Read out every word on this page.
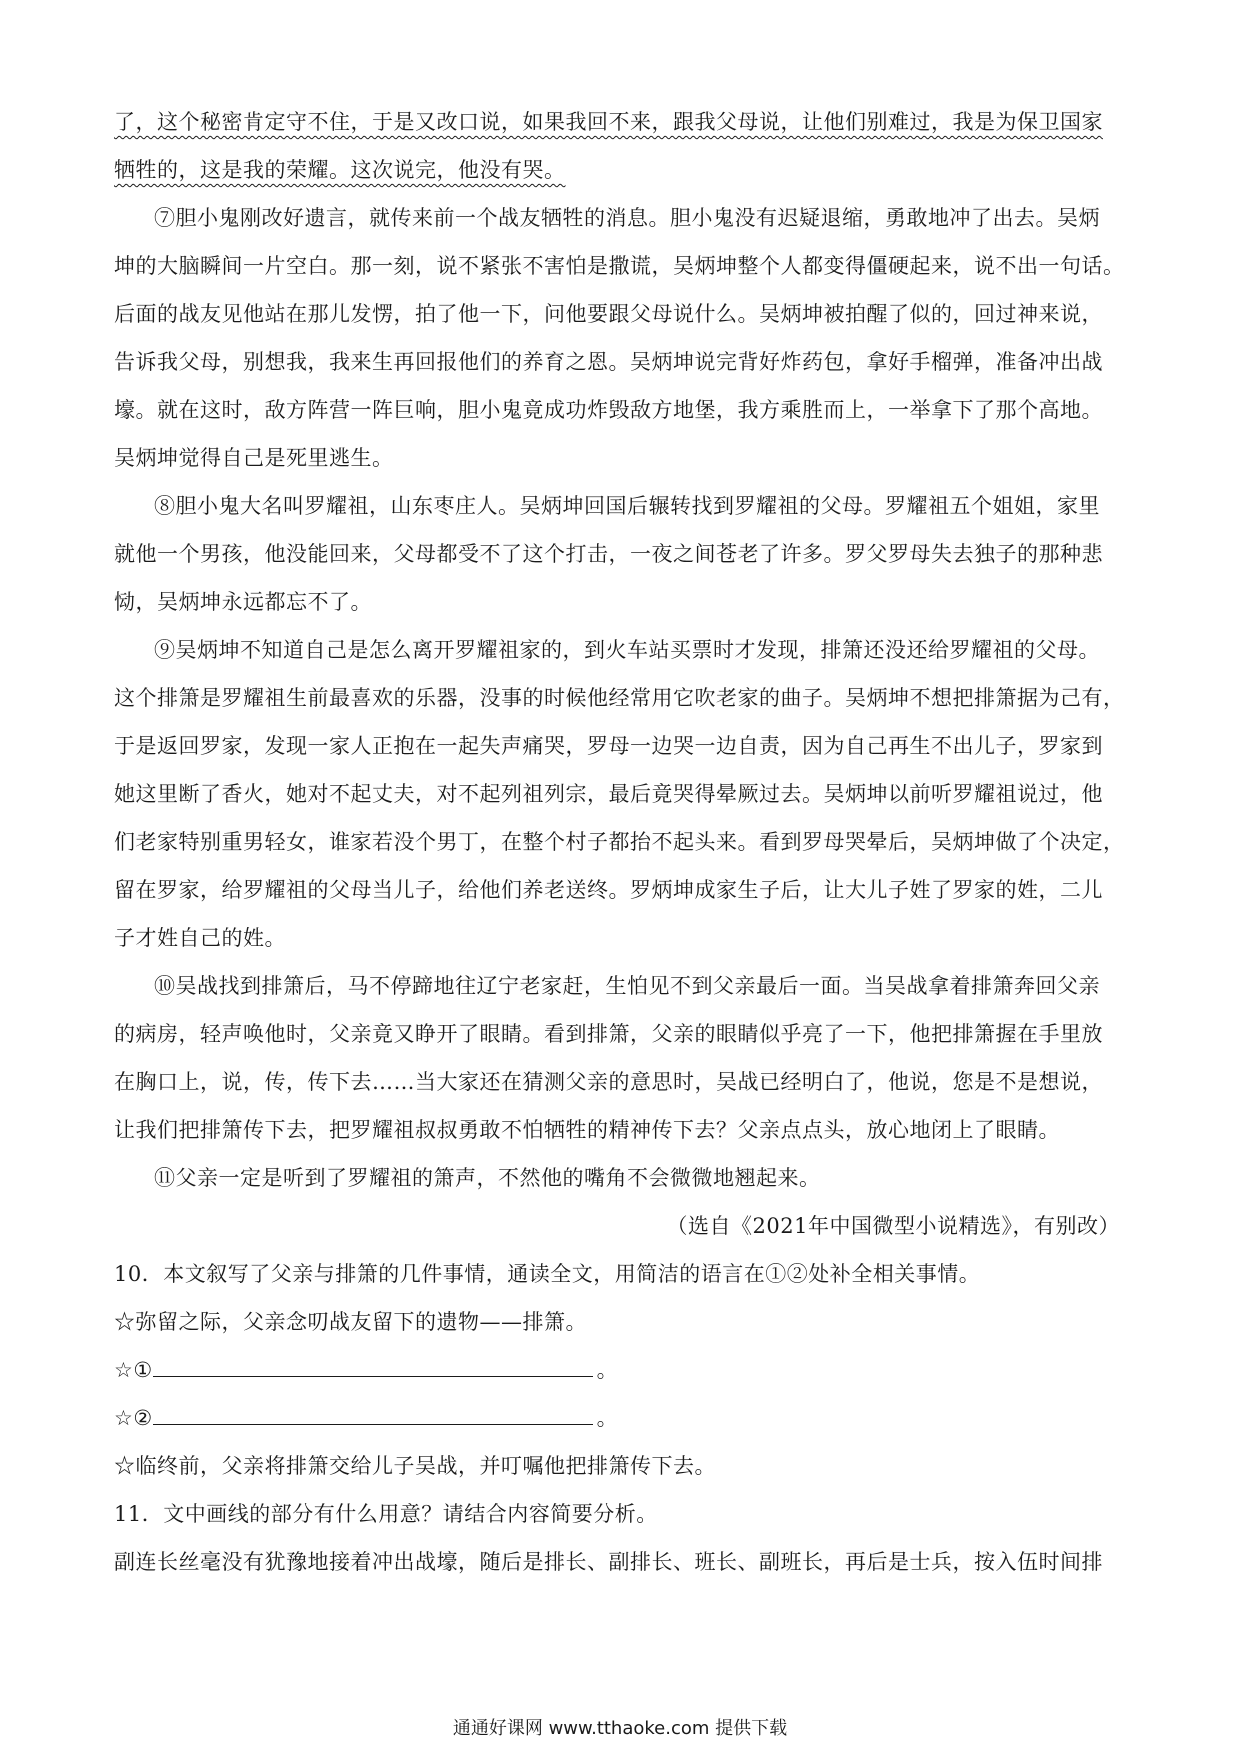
了，这个秘密肯定守不住，于是又改口说，如果我回不来，跟我父母说，让他们别难过，我是为保卫国家
牺牲的，这是我的荣耀。这次说完，他没有哭。
⑦胆小鬼刚改好遗言，就传来前一个战友牺牲的消息。胆小鬼没有迟疑退缩，勇敢地冲了出去。吴炳
坤的大脑瞬间一片空白。那一刻，说不紧张不害怕是撒谎，吴炳坤整个人都变得僵硬起来，说不出一句话。
后面的战友见他站在那儿发愣，拍了他一下，问他要跟父母说什么。吴炳坤被拍醒了似的，回过神来说，
告诉我父母，别想我，我来生再回报他们的养育之恩。吴炳坤说完背好炸药包，拿好手榴弹，准备冲出战
壕。就在这时，敌方阵营一阵巨响，胆小鬼竟成功炸毁敌方地堡，我方乘胜而上，一举拿下了那个高地。
吴炳坤觉得自己是死里逃生。
⑧胆小鬼大名叫罗耀祖，山东枣庄人。吴炳坤回国后辗转找到罗耀祖的父母。罗耀祖五个姐姐，家里
就他一个男孩，他没能回来，父母都受不了这个打击，一夜之间苍老了许多。罗父罗母失去独子的那种悲
恸，吴炳坤永远都忘不了。
⑨吴炳坤不知道自己是怎么离开罗耀祖家的，到火车站买票时才发现，排箫还没还给罗耀祖的父母。
这个排箫是罗耀祖生前最喜欢的乐器，没事的时候他经常用它吹老家的曲子。吴炳坤不想把排箫据为己有，
于是返回罗家，发现一家人正抱在一起失声痛哭，罗母一边哭一边自责，因为自己再生不出儿子，罗家到
她这里断了香火，她对不起丈夫，对不起列祖列宗，最后竟哭得晕厥过去。吴炳坤以前听罗耀祖说过，他
们老家特别重男轻女，谁家若没个男丁，在整个村子都抬不起头来。看到罗母哭晕后，吴炳坤做了个决定，
留在罗家，给罗耀祖的父母当儿子，给他们养老送终。罗炳坤成家生子后，让大儿子姓了罗家的姓，二儿
子才姓自己的姓。
⑩吴战找到排箫后，马不停蹄地往辽宁老家赶，生怕见不到父亲最后一面。当吴战拿着排箫奔回父亲
的病房，轻声唤他时，父亲竟又睁开了眼睛。看到排箫，父亲的眼睛似乎亮了一下，他把排箫握在手里放
在胸口上，说，传，传下去……当大家还在猜测父亲的意思时，吴战已经明白了，他说，您是不是想说，
让我们把排箫传下去，把罗耀祖叔叔勇敢不怕牺牲的精神传下去？父亲点点头，放心地闭上了眼睛。
⑪父亲一定是听到了罗耀祖的箫声，不然他的嘴角不会微微地翘起来。
（选自《2021年中国微型小说精选》，有别改）
10．本文叙写了父亲与排箫的几件事情，通读全文，用简洁的语言在①②处补全相关事情。
☆弥留之际，父亲念叨战友留下的遗物——排箫。
☆①	。
☆②	。
☆临终前，父亲将排箫交给儿子吴战，并叮嘱他把排箫传下去。
11．文中画线的部分有什么用意？请结合内容简要分析。
副连长丝毫没有犹豫地接着冲出战壕，随后是排长、副排长、班长、副班长，再后是士兵，按入伍时间排
通通好课网 www.tthaoke.com 提供下载
